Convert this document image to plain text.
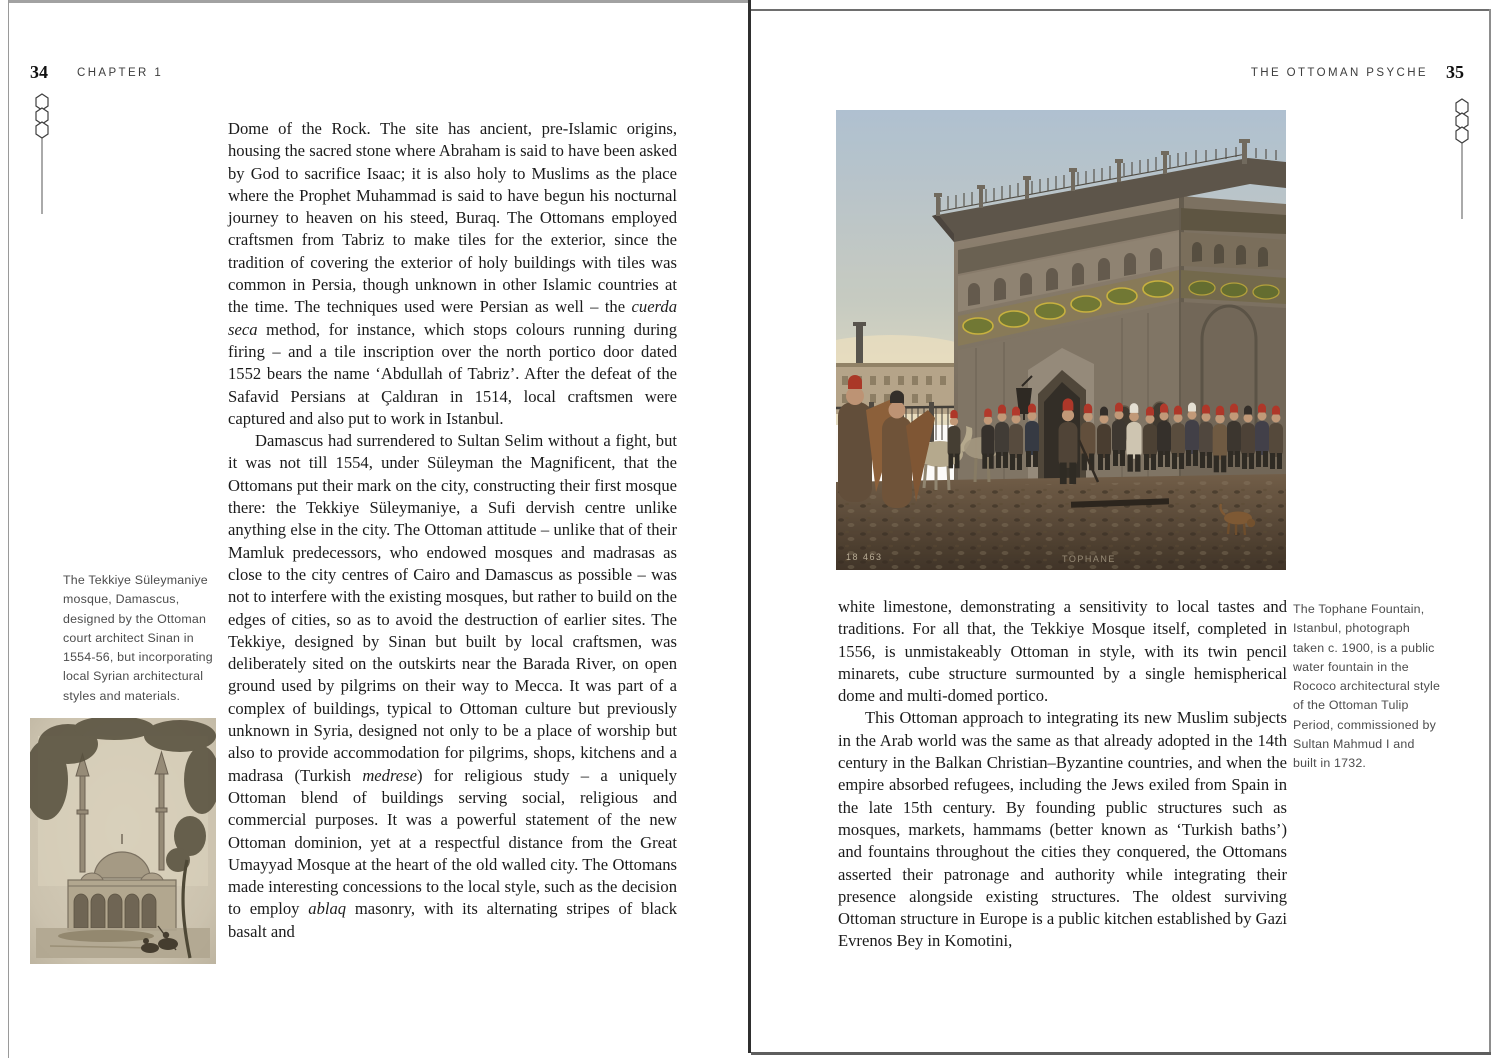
34	CHAPTER 1

Dome of the Rock. The site has ancient, pre-Islamic origins, housing the sacred stone where Abraham is said to have been asked by God to sacrifice Isaac; it is also holy to Muslims as the place where the Prophet Muhammad is said to have begun his nocturnal journey to heaven on his steed, Buraq. The Ottomans employed craftsmen from Tabriz to make tiles for the exterior, since the tradition of covering the exterior of holy buildings with tiles was common in Persia, though unknown in other Islamic countries at the time. The techniques used were Persian as well – the cuerda seca method, for instance, which stops colours running during firing – and a tile inscription over the north portico door dated 1552 bears the name ‘Abdullah of Tabriz’. After the defeat of the Safavid Persians at Çaldıran in 1514, local craftsmen were captured and also put to work in Istanbul.

Damascus had surrendered to Sultan Selim without a fight, but it was not till 1554, under Süleyman the Magnificent, that the Ottomans put their mark on the city, constructing their first mosque there: the Tekkiye Süleymaniye, a Sufi dervish centre unlike anything else in the city. The Ottoman attitude – unlike that of their Mamluk predecessors, who endowed mosques and madrasas as close to the city centres of Cairo and Damascus as possible – was not to interfere with the existing mosques, but rather to build on the edges of cities, so as to avoid the destruction of earlier sites. The Tekkiye, designed by Sinan but built by local craftsmen, was deliberately sited on the outskirts near the Barada River, on open ground used by pilgrims on their way to Mecca. It was part of a complex of buildings, typical to Ottoman culture but previously unknown in Syria, designed not only to be a place of worship but also to provide accommodation for pilgrims, shops, kitchens and a madrasa (Turkish medrese) for religious study – a uniquely Ottoman blend of buildings serving social, religious and commercial purposes. It was a powerful statement of the new Ottoman dominion, yet at a respectful distance from the Great Umayyad Mosque at the heart of the old walled city. The Ottomans made interesting concessions to the local style, such as the decision to employ ablaq masonry, with its alternating stripes of black basalt and

The Tekkiye Süleymaniye mosque, Damascus, designed by the Ottoman court architect Sinan in 1554-56, but incorporating local Syrian architectural styles and materials.
THE OTTOMAN PSYCHE 35
18 463	TOPHANE

white limestone, demonstrating a sensitivity to local tastes and traditions. For all that, the Tekkiye Mosque itself, completed in 1556, is unmistakeably Ottoman in style, with its twin pencil minarets, cube structure surmounted by a single hemispherical dome and multi-domed portico.

This Ottoman approach to integrating its new Muslim subjects in the Arab world was the same as that already adopted in the 14th century in the Balkan Christian–Byzantine countries, and when the empire absorbed refugees, including the Jews exiled from Spain in the late 15th century. By founding public structures such as mosques, markets, hammams (better known as ‘Turkish baths’) and fountains throughout the cities they conquered, the Ottomans asserted their patronage and authority while integrating their presence alongside existing structures. The oldest surviving Ottoman structure in Europe is a public kitchen established by Gazi Evrenos Bey in Komotini,

The Tophane Fountain, Istanbul, photograph taken c. 1900, is a public water fountain in the Rococo architectural style of the Ottoman Tulip Period, commissioned by Sultan Mahmud I and built in 1732.
